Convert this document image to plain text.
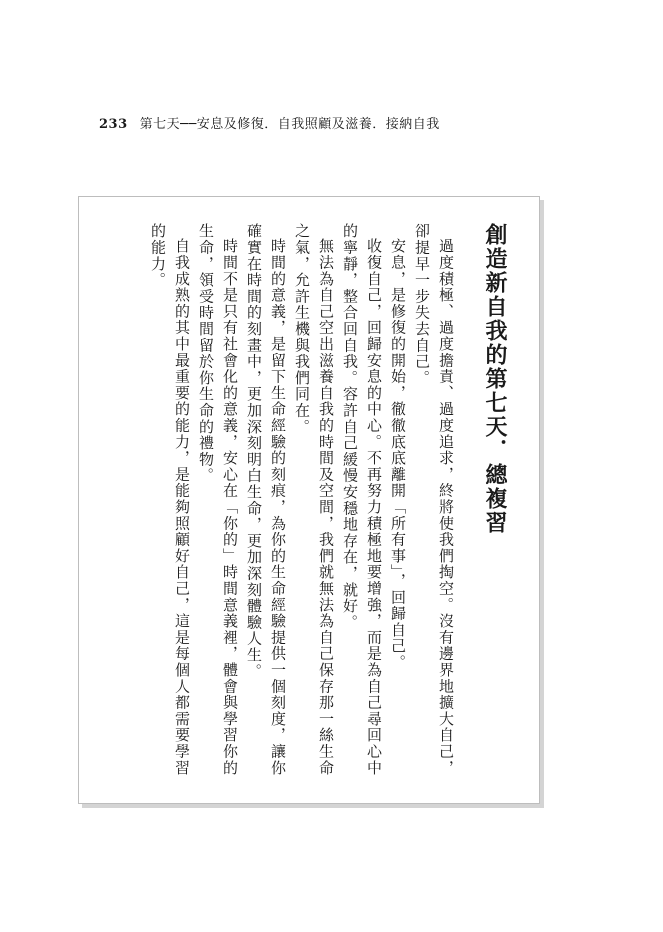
233 第七天──安息及修復．自我照顧及滋養．接納自我
創造新自我的第七天．總複習

過度積極、過度擔責、過度追求，終將使我們掏空。沒有邊界地擴大自己，卻提早一步失去自己。

安息，是修復的開始，徹徹底底離開「所有事」，回歸自己。

收復自己，回歸安息的中心。不再努力積極地要增強，而是為自己尋回心中的寧靜，整合回自我。容許自己緩慢安穩地存在，就好。

無法為自己空出滋養自我的時間及空間，我們就無法為自己保存那一絲生命之氣，允許生機與我們同在。

時間的意義，是留下生命經驗的刻痕，為你的生命經驗提供一個刻度，讓你確實在時間的刻畫中，更加深刻明白生命，更加深刻體驗人生。

時間不是只有社會化的意義，安心在「你的」時間意義裡，體會與學習你的生命，領受時間留於你生命的禮物。

自我成熟的其中最重要的能力，是能夠照顧好自己，這是每個人都需要學習的能力。
